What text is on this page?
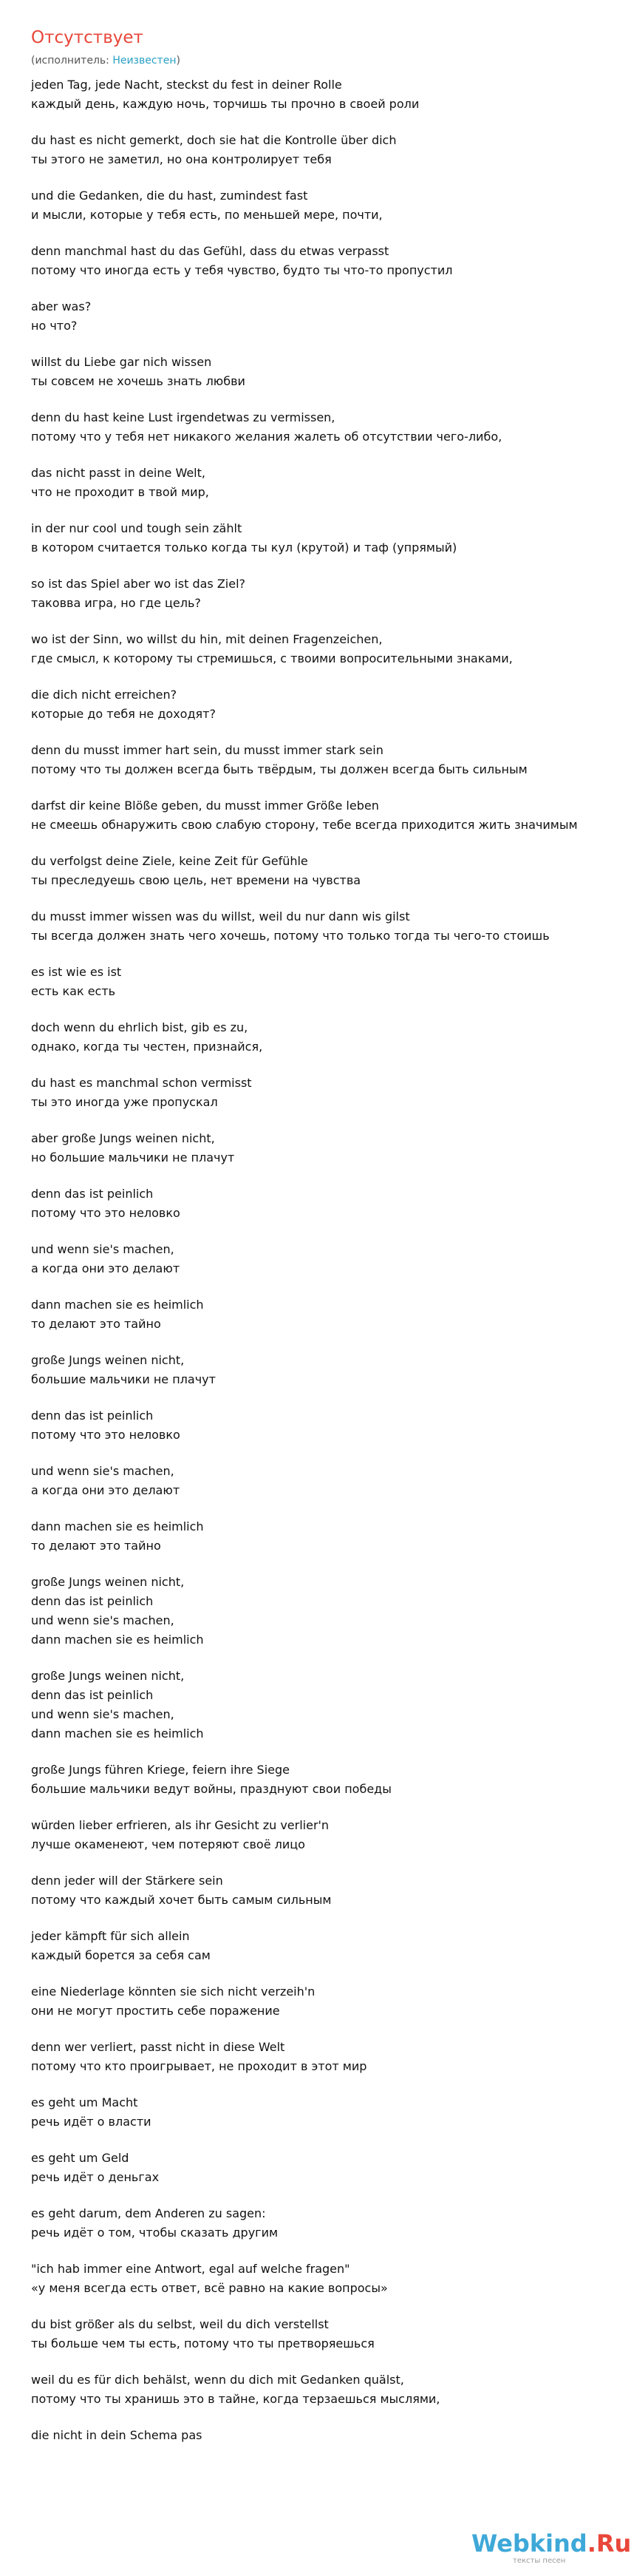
Отсутствует
(исполнитель: Неизвестен)
jeden Tag, jede Nacht, steckst du fest in deiner Rolle
каждый день, каждую ночь, торчишь ты прочно в своей роли
du hast es nicht gemerkt, doch sie hat die Kontrolle über dich
ты этого не заметил, но она контролирует тебя
und die Gedanken, die du hast, zumindest fast
и мысли, которые у тебя есть, по меньшей мере, почти,
denn manchmal hast du das Gefühl, dass du etwas verpasst
потому что иногда есть у тебя чувство, будто ты что-то пропустил
aber was?
но что?
willst du Liebe gar nich wissen
ты совсем не хочешь знать любви
denn du hast keine Lust irgendetwas zu vermissen,
потому что у тебя нет никакого желания жалеть об отсутствии чего-либо,
das nicht passt in deine Welt,
что не проходит в твой мир,
in der nur cool und tough sein zählt
в котором считается только когда ты кул (крутой) и таф (упрямый)
so ist das Spiel aber wo ist das Ziel?
таковва игра, но где цель?
wo ist der Sinn, wo willst du hin, mit deinen Fragenzeichen,
где смысл, к которому ты стремишься, с твоими вопросительными знаками,
die dich nicht erreichen?
которые до тебя не доходят?
denn du musst immer hart sein, du musst immer stark sein
потому что ты должен всегда быть твёрдым, ты должен всегда быть сильным
darfst dir keine Blöße geben, du musst immer Größe leben
не смеешь обнаружить свою слабую сторону, тебе всегда приходится жить значимым
du verfolgst deine Ziele, keine Zeit für Gefühle
ты преследуешь свою цель, нет времени на чувства
du musst immer wissen was du willst, weil du nur dann wis gilst
ты всегда должен знать чего хочешь, потому что только тогда ты чего-то стоишь
es ist wie es ist
есть как есть
doch wenn du ehrlich bist, gib es zu,
однако, когда ты честен, признайся,
du hast es manchmal schon vermisst
ты это иногда уже пропускал
aber große Jungs weinen nicht,
но большие мальчики не плачут
denn das ist peinlich
потому что это неловко
und wenn sie's machen,
а когда они это делают
dann machen sie es heimlich
то делают это тайно
große Jungs weinen nicht,
большие мальчики не плачут
denn das ist peinlich
потому что это неловко
und wenn sie's machen,
а когда они это делают
dann machen sie es heimlich
то делают это тайно
große Jungs weinen nicht,
denn das ist peinlich
und wenn sie's machen,
dann machen sie es heimlich
große Jungs weinen nicht,
denn das ist peinlich
und wenn sie's machen,
dann machen sie es heimlich
große Jungs führen Kriege, feiern ihre Siege
большие мальчики ведут войны, празднуют свои победы
würden lieber erfrieren, als ihr Gesicht zu verlier'n
лучше окаменеют, чем потеряют своё лицо
denn jeder will der Stärkere sein
потому что каждый хочет быть самым сильным
jeder kämpft für sich allein
каждый борется за себя сам
eine Niederlage könnten sie sich nicht verzeih'n
они не могут простить себе поражение
denn wer verliert, passt nicht in diese Welt
потому что кто проигрывает, не проходит в этот мир
es geht um Macht
речь идёт о власти
es geht um Geld
речь идёт о деньгах
es geht darum, dem Anderen zu sagen:
речь идёт о том, чтобы сказать другим
"ich hab immer eine Antwort, egal auf welche fragen"
«у меня всегда есть ответ, всё равно на какие вопросы»
du bist größer als du selbst, weil du dich verstellst
ты больше чем ты есть, потому что ты претворяешься
weil du es für dich behälst, wenn du dich mit Gedanken quälst,
потому что ты хранишь это в тайне, когда терзаешься мыслями,
die nicht in dein Schema pas
Webkind.Ru
тексты песен
